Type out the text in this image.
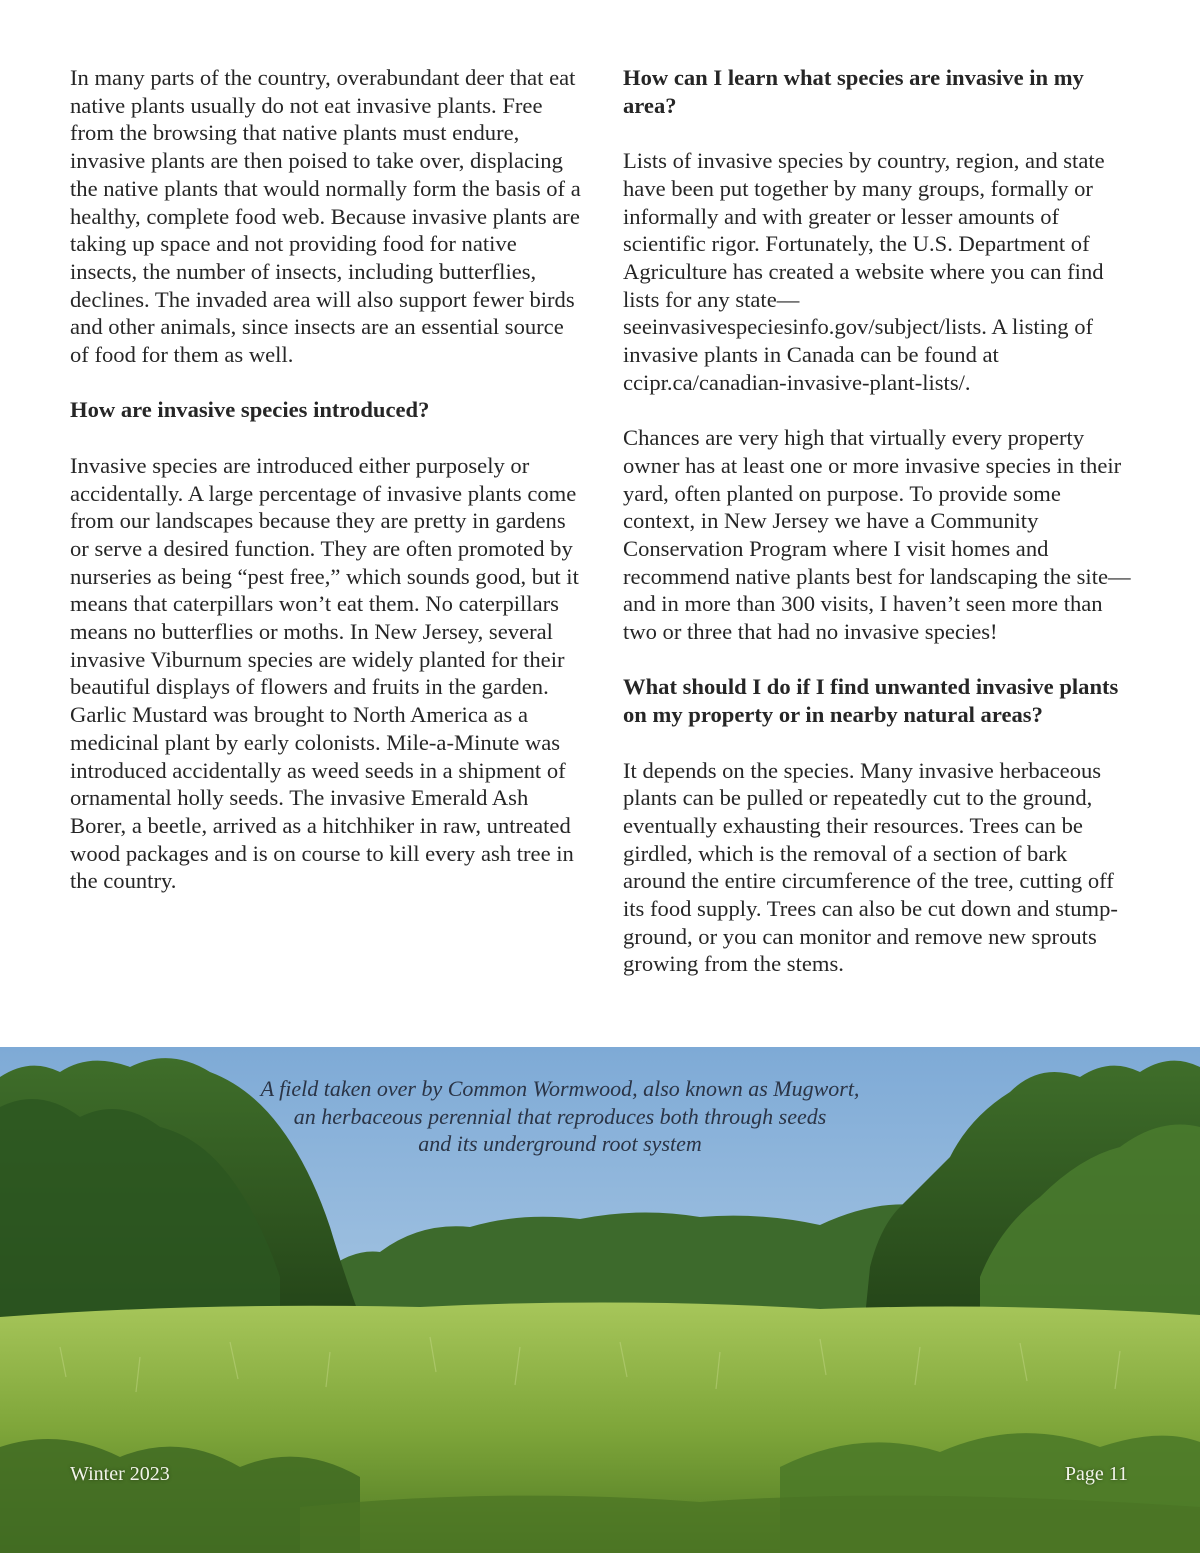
In many parts of the country, overabundant deer that eat native plants usually do not eat invasive plants. Free from the browsing that native plants must endure, invasive plants are then poised to take over, displacing the native plants that would normally form the basis of a healthy, complete food web. Because invasive plants are taking up space and not providing food for native insects, the number of insects, including butterflies, declines. The invaded area will also support fewer birds and other animals, since insects are an essential source of food for them as well.

How are invasive species introduced?

Invasive species are introduced either purposely or accidentally. A large percentage of invasive plants come from our landscapes because they are pretty in gardens or serve a desired function. They are often promoted by nurseries as being “pest free,” which sounds good, but it means that caterpillars won’t eat them. No caterpillars means no butterflies or moths. In New Jersey, several invasive Viburnum species are widely planted for their beautiful displays of flowers and fruits in the garden. Garlic Mustard was brought to North America as a medicinal plant by early colonists. Mile-a-Minute was introduced accidentally as weed seeds in a shipment of ornamental holly seeds. The invasive Emerald Ash Borer, a beetle, arrived as a hitchhiker in raw, untreated wood packages and is on course to kill every ash tree in the country.

How can I learn what species are invasive in my area?

Lists of invasive species by country, region, and state have been put together by many groups, formally or informally and with greater or lesser amounts of scientific rigor. Fortunately, the U.S. Department of Agriculture has created a website where you can find lists for any state—seeinvasivespeciesinfo.gov/subject/lists. A listing of invasive plants in Canada can be found at ccipr.ca/canadian-invasive-plant-lists/.

Chances are very high that virtually every property owner has at least one or more invasive species in their yard, often planted on purpose. To provide some context, in New Jersey we have a Community Conservation Program where I visit homes and recommend native plants best for landscaping the site— and in more than 300 visits, I haven’t seen more than two or three that had no invasive species!

What should I do if I find unwanted invasive plants on my property or in nearby natural areas?

It depends on the species. Many invasive herbaceous plants can be pulled or repeatedly cut to the ground, eventually exhausting their resources. Trees can be girdled, which is the removal of a section of bark around the entire circumference of the tree, cutting off its food supply. Trees can also be cut down and stump-ground, or you can monitor and remove new sprouts growing from the stems.

A field taken over by Common Wormwood, also known as Mugwort,
an herbaceous perennial that reproduces both through seeds
and its underground root system
Winter 2023	Page 11
